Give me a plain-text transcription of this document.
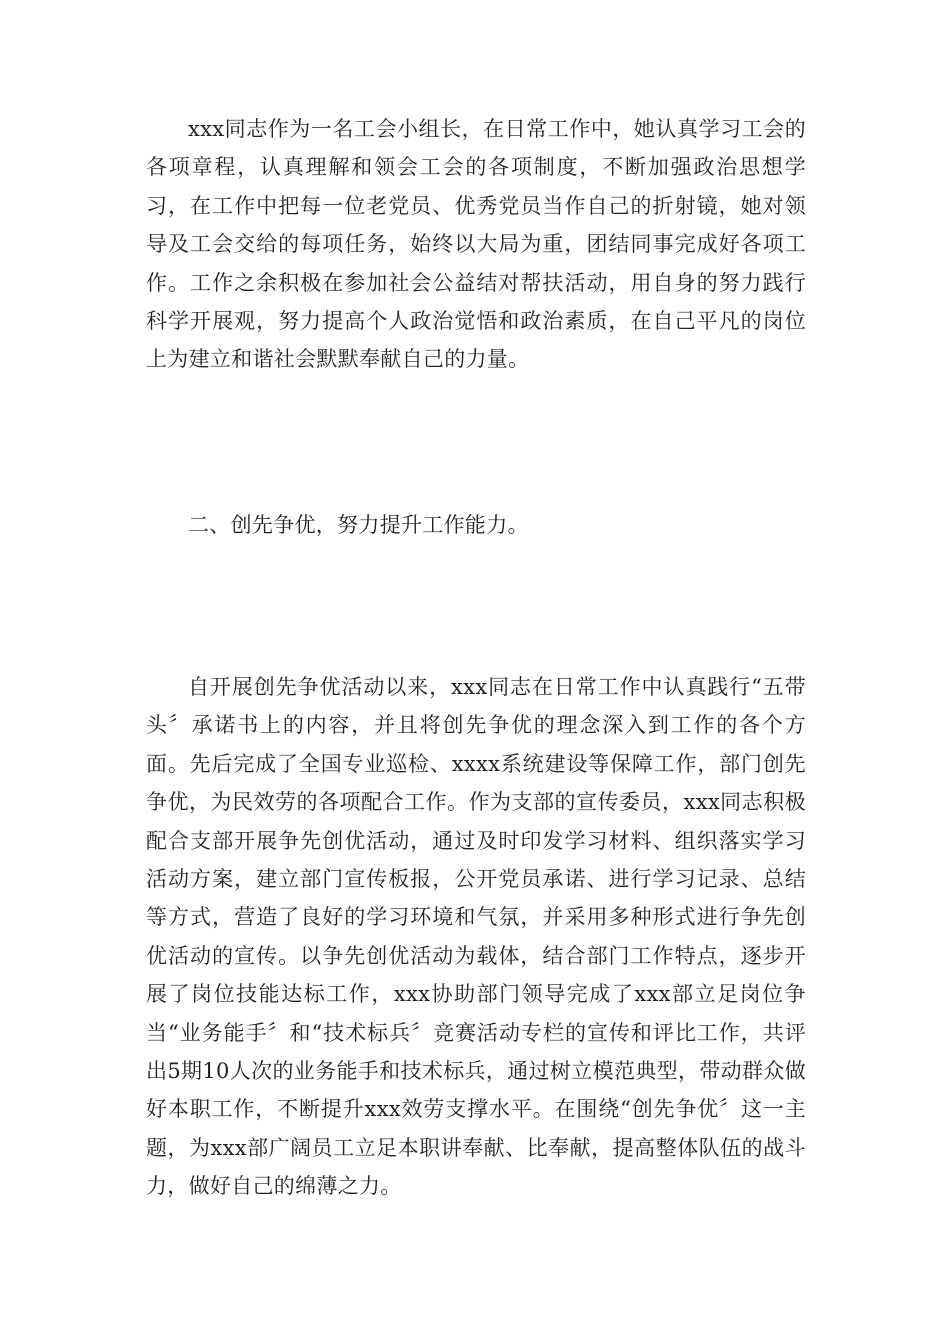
xxx同志作为一名工会小组长，在日常工作中，她认真学习工会的各项章程，认真理解和领会工会的各项制度，不断加强政治思想学习，在工作中把每一位老党员、优秀党员当作自己的折射镜，她对领导及工会交给的每项任务，始终以大局为重，团结同事完成好各项工作。工作之余积极在参加社会公益结对帮扶活动，用自身的努力践行科学开展观，努力提高个人政治觉悟和政治素质，在自己平凡的岗位上为建立和谐社会默默奉献自己的力量。

二、创先争优，努力提升工作能力。

自开展创先争优活动以来，xxx同志在日常工作中认真践行“五带头〞承诺书上的内容，并且将创先争优的理念深入到工作的各个方面。先后完成了全国专业巡检、xxxx系统建设等保障工作，部门创先争优，为民效劳的各项配合工作。作为支部的宣传委员，xxx同志积极配合支部开展争先创优活动，通过及时印发学习材料、组织落实学习活动方案，建立部门宣传板报，公开党员承诺、进行学习记录、总结等方式，营造了良好的学习环境和气氛，并采用多种形式进行争先创优活动的宣传。以争先创优活动为载体，结合部门工作特点，逐步开展了岗位技能达标工作，xxx协助部门领导完成了xxx部立足岗位争当“业务能手〞和“技术标兵〞竞赛活动专栏的宣传和评比工作，共评出5期10人次的业务能手和技术标兵，通过树立模范典型，带动群众做好本职工作，不断提升xxx效劳支撑水平。在围绕“创先争优〞这一主题，为xxx部广阔员工立足本职讲奉献、比奉献，提高整体队伍的战斗力，做好自己的绵薄之力。
